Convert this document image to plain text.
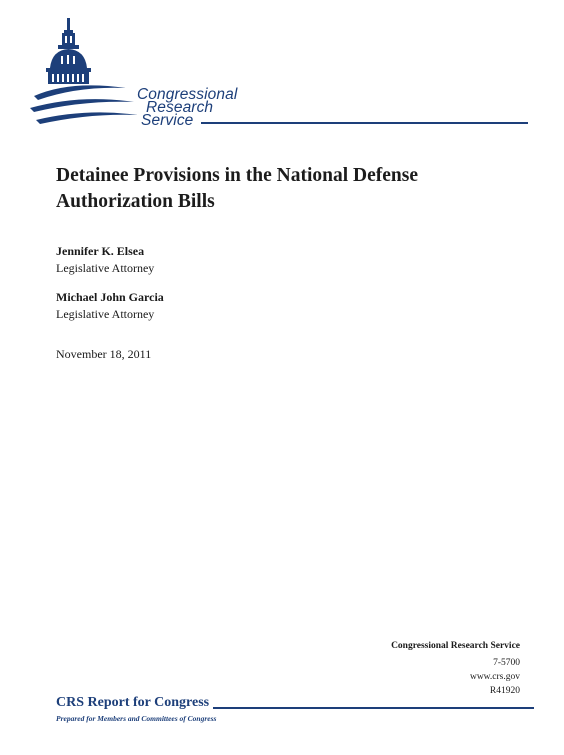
Congressional
Research
Service
Detainee Provisions in the National Defense Authorization Bills
Jennifer K. Elsea
Legislative Attorney
Michael John Garcia
Legislative Attorney
November 18, 2011
Congressional Research Service
7-5700
www.crs.gov
R41920
CRS Report for Congress
Prepared for Members and Committees of Congress
